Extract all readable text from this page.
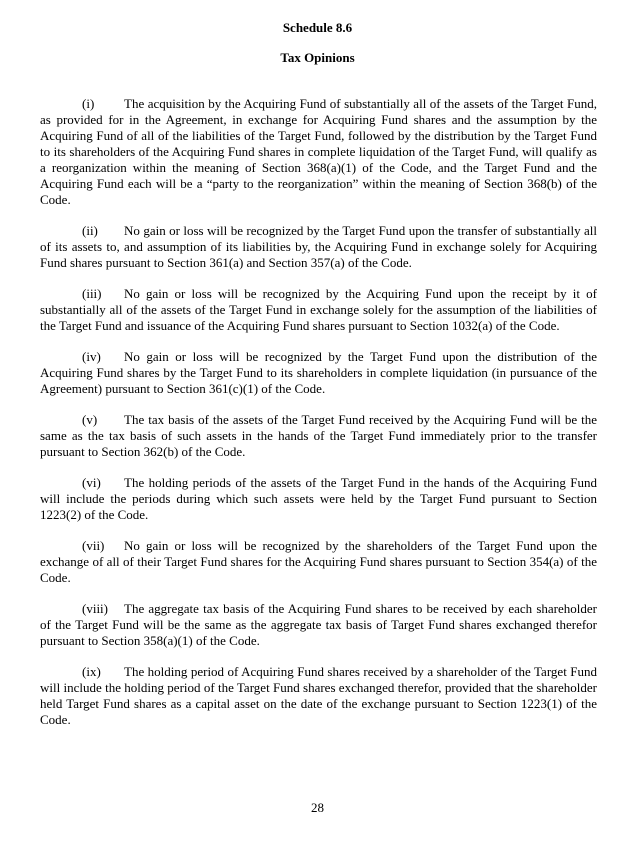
Schedule 8.6
Tax Opinions

(i) The acquisition by the Acquiring Fund of substantially all of the assets of the Target Fund, as provided for in the Agreement, in exchange for Acquiring Fund shares and the assumption by the Acquiring Fund of all of the liabilities of the Target Fund, followed by the distribution by the Target Fund to its shareholders of the Acquiring Fund shares in complete liquidation of the Target Fund, will qualify as a reorganization within the meaning of Section 368(a)(1) of the Code, and the Target Fund and the Acquiring Fund each will be a “party to the reorganization” within the meaning of Section 368(b) of the Code.

(ii) No gain or loss will be recognized by the Target Fund upon the transfer of substantially all of its assets to, and assumption of its liabilities by, the Acquiring Fund in exchange solely for Acquiring Fund shares pursuant to Section 361(a) and Section 357(a) of the Code.

(iii) No gain or loss will be recognized by the Acquiring Fund upon the receipt by it of substantially all of the assets of the Target Fund in exchange solely for the assumption of the liabilities of the Target Fund and issuance of the Acquiring Fund shares pursuant to Section 1032(a) of the Code.

(iv) No gain or loss will be recognized by the Target Fund upon the distribution of the Acquiring Fund shares by the Target Fund to its shareholders in complete liquidation (in pursuance of the Agreement) pursuant to Section 361(c)(1) of the Code.

(v) The tax basis of the assets of the Target Fund received by the Acquiring Fund will be the same as the tax basis of such assets in the hands of the Target Fund immediately prior to the transfer pursuant to Section 362(b) of the Code.

(vi) The holding periods of the assets of the Target Fund in the hands of the Acquiring Fund will include the periods during which such assets were held by the Target Fund pursuant to Section 1223(2) of the Code.

(vii) No gain or loss will be recognized by the shareholders of the Target Fund upon the exchange of all of their Target Fund shares for the Acquiring Fund shares pursuant to Section 354(a) of the Code.

(viii) The aggregate tax basis of the Acquiring Fund shares to be received by each shareholder of the Target Fund will be the same as the aggregate tax basis of Target Fund shares exchanged therefor pursuant to Section 358(a)(1) of the Code.

(ix) The holding period of Acquiring Fund shares received by a shareholder of the Target Fund will include the holding period of the Target Fund shares exchanged therefor, provided that the shareholder held Target Fund shares as a capital asset on the date of the exchange pursuant to Section 1223(1) of the Code.

28
